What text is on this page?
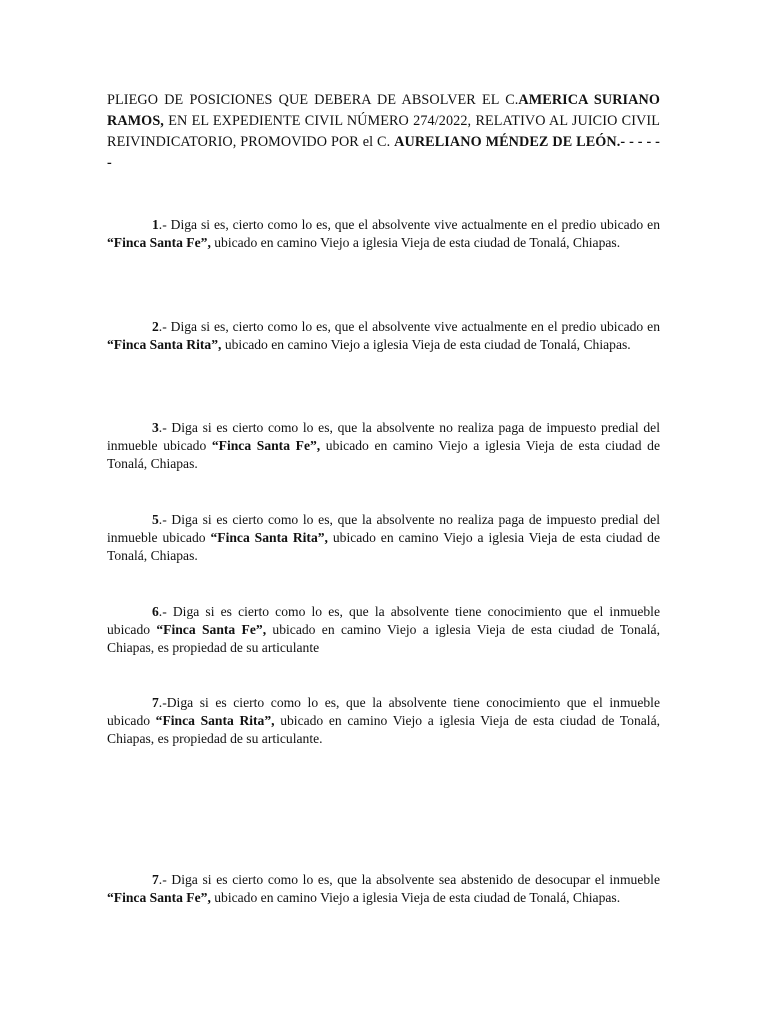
PLIEGO DE POSICIONES QUE DEBERA DE ABSOLVER EL C.AMERICA SURIANO RAMOS, EN EL EXPEDIENTE CIVIL NÚMERO 274/2022, RELATIVO AL JUICIO CIVIL REIVINDICATORIO, PROMOVIDO POR el C. AURELIANO MÉNDEZ DE LEÓN.- - - - - -

1.- Diga si es, cierto como lo es, que el absolvente vive actualmente en el predio ubicado en “Finca Santa Fe”, ubicado en camino Viejo a iglesia Vieja de esta ciudad de Tonalá, Chiapas.

2.- Diga si es, cierto como lo es, que el absolvente vive actualmente en el predio ubicado en “Finca Santa Rita”, ubicado en camino Viejo a iglesia Vieja de esta ciudad de Tonalá, Chiapas.

3.- Diga si es cierto como lo es, que la absolvente no realiza paga de impuesto predial del inmueble ubicado “Finca Santa Fe”, ubicado en camino Viejo a iglesia Vieja de esta ciudad de Tonalá, Chiapas.

5.- Diga si es cierto como lo es, que la absolvente no realiza paga de impuesto predial del inmueble ubicado “Finca Santa Rita”, ubicado en camino Viejo a iglesia Vieja de esta ciudad de Tonalá, Chiapas.

6.- Diga si es cierto como lo es, que la absolvente tiene conocimiento que el inmueble ubicado “Finca Santa Fe”, ubicado en camino Viejo a iglesia Vieja de esta ciudad de Tonalá, Chiapas, es propiedad de su articulante

7.-Diga si es cierto como lo es, que la absolvente tiene conocimiento que el inmueble ubicado “Finca Santa Rita”, ubicado en camino Viejo a iglesia Vieja de esta ciudad de Tonalá, Chiapas, es propiedad de su articulante.

7.- Diga si es cierto como lo es, que la absolvente sea abstenido de desocupar el inmueble “Finca Santa Fe”, ubicado en camino Viejo a iglesia Vieja de esta ciudad de Tonalá, Chiapas.
